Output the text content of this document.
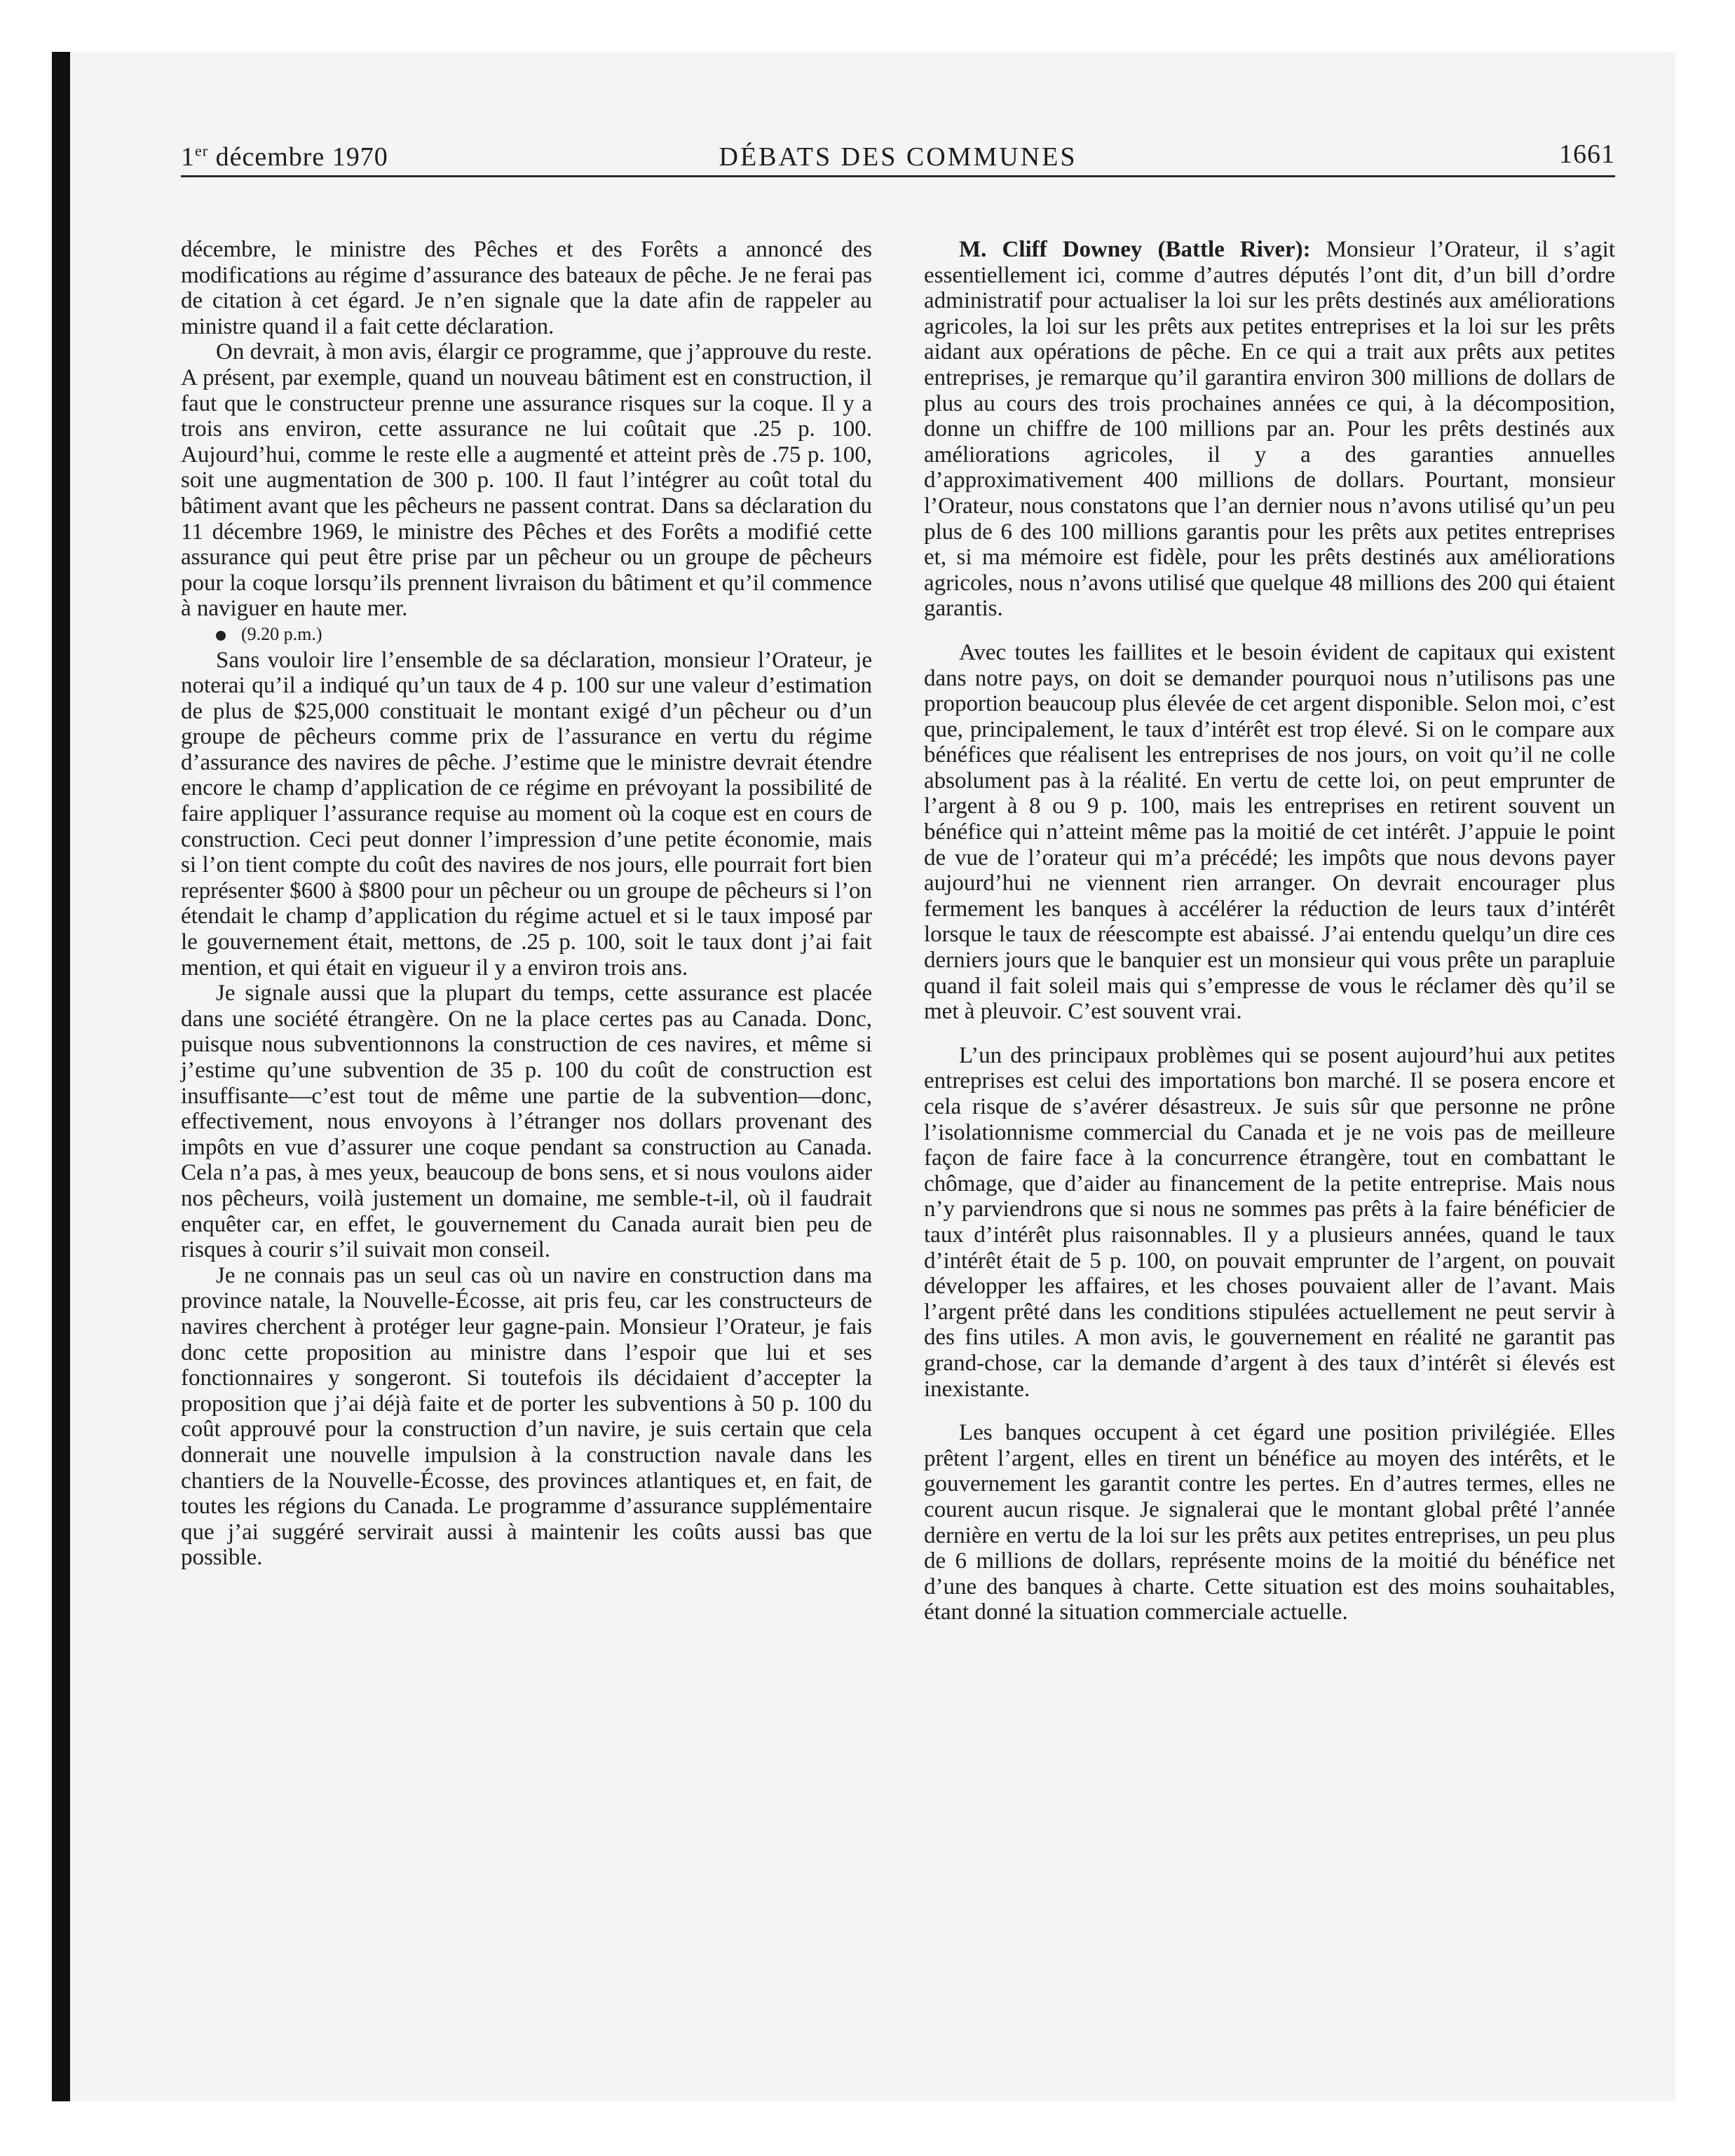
1er décembre 1970	DÉBATS DES COMMUNES	1661

décembre, le ministre des Pêches et des Forêts a annoncé des modifications au régime d’assurance des bateaux de pêche. Je ne ferai pas de citation à cet égard. Je n’en signale que la date afin de rappeler au ministre quand il a fait cette déclaration.

On devrait, à mon avis, élargir ce programme, que j’approuve du reste. A présent, par exemple, quand un nouveau bâtiment est en construction, il faut que le constructeur prenne une assurance risques sur la coque. Il y a trois ans environ, cette assurance ne lui coûtait que .25 p. 100. Aujourd’hui, comme le reste elle a augmenté et atteint près de .75 p. 100, soit une augmentation de 300 p. 100. Il faut l’intégrer au coût total du bâtiment avant que les pêcheurs ne passent contrat. Dans sa déclaration du 11 décembre 1969, le ministre des Pêches et des Forêts a modifié cette assurance qui peut être prise par un pêcheur ou un groupe de pêcheurs pour la coque lorsqu’ils prennent livraison du bâtiment et qu’il commence à naviguer en haute mer.

(9.20 p.m.)

Sans vouloir lire l’ensemble de sa déclaration, monsieur l’Orateur, je noterai qu’il a indiqué qu’un taux de 4 p. 100 sur une valeur d’estimation de plus de $25,000 constituait le montant exigé d’un pêcheur ou d’un groupe de pêcheurs comme prix de l’assurance en vertu du régime d’assurance des navires de pêche. J’estime que le ministre devrait étendre encore le champ d’application de ce régime en prévoyant la possibilité de faire appliquer l’assurance requise au moment où la coque est en cours de construction. Ceci peut donner l’impression d’une petite économie, mais si l’on tient compte du coût des navires de nos jours, elle pourrait fort bien représenter $600 à $800 pour un pêcheur ou un groupe de pêcheurs si l’on étendait le champ d’application du régime actuel et si le taux imposé par le gouvernement était, mettons, de .25 p. 100, soit le taux dont j’ai fait mention, et qui était en vigueur il y a environ trois ans.

Je signale aussi que la plupart du temps, cette assurance est placée dans une société étrangère. On ne la place certes pas au Canada. Donc, puisque nous subventionnons la construction de ces navires, et même si j’estime qu’une subvention de 35 p. 100 du coût de construction est insuffisante—c’est tout de même une partie de la subvention—donc, effectivement, nous envoyons à l’étranger nos dollars provenant des impôts en vue d’assurer une coque pendant sa construction au Canada. Cela n’a pas, à mes yeux, beaucoup de bons sens, et si nous voulons aider nos pêcheurs, voilà justement un domaine, me semble-t-il, où il faudrait enquêter car, en effet, le gouvernement du Canada aurait bien peu de risques à courir s’il suivait mon conseil.

Je ne connais pas un seul cas où un navire en construction dans ma province natale, la Nouvelle-Écosse, ait pris feu, car les constructeurs de navires cherchent à protéger leur gagne-pain. Monsieur l’Orateur, je fais donc cette proposition au ministre dans l’espoir que lui et ses fonctionnaires y songeront. Si toutefois ils décidaient d’accepter la proposition que j’ai déjà faite et de porter les subventions à 50 p. 100 du coût approuvé pour la construction d’un navire, je suis certain que cela donnerait une nouvelle impulsion à la construction navale dans les chantiers de la Nouvelle-Écosse, des provinces atlantiques et, en fait, de toutes les régions du Canada. Le programme d’assurance supplémentaire que j’ai suggéré servirait aussi à maintenir les coûts aussi bas que possible.

M. Cliff Downey (Battle River): Monsieur l’Orateur, il s’agit essentiellement ici, comme d’autres députés l’ont dit, d’un bill d’ordre administratif pour actualiser la loi sur les prêts destinés aux améliorations agricoles, la loi sur les prêts aux petites entreprises et la loi sur les prêts aidant aux opérations de pêche. En ce qui a trait aux prêts aux petites entreprises, je remarque qu’il garantira environ 300 millions de dollars de plus au cours des trois prochaines années ce qui, à la décomposition, donne un chiffre de 100 millions par an. Pour les prêts destinés aux améliorations agricoles, il y a des garanties annuelles d’approximativement 400 millions de dollars. Pourtant, monsieur l’Orateur, nous constatons que l’an dernier nous n’avons utilisé qu’un peu plus de 6 des 100 millions garantis pour les prêts aux petites entreprises et, si ma mémoire est fidèle, pour les prêts destinés aux améliorations agricoles, nous n’avons utilisé que quelque 48 millions des 200 qui étaient garantis.

Avec toutes les faillites et le besoin évident de capitaux qui existent dans notre pays, on doit se demander pourquoi nous n’utilisons pas une proportion beaucoup plus élevée de cet argent disponible. Selon moi, c’est que, principalement, le taux d’intérêt est trop élevé. Si on le compare aux bénéfices que réalisent les entreprises de nos jours, on voit qu’il ne colle absolument pas à la réalité. En vertu de cette loi, on peut emprunter de l’argent à 8 ou 9 p. 100, mais les entreprises en retirent souvent un bénéfice qui n’atteint même pas la moitié de cet intérêt. J’appuie le point de vue de l’orateur qui m’a précédé; les impôts que nous devons payer aujourd’hui ne viennent rien arranger. On devrait encourager plus fermement les banques à accélérer la réduction de leurs taux d’intérêt lorsque le taux de réescompte est abaissé. J’ai entendu quelqu’un dire ces derniers jours que le banquier est un monsieur qui vous prête un parapluie quand il fait soleil mais qui s’empresse de vous le réclamer dès qu’il se met à pleuvoir. C’est souvent vrai.

L’un des principaux problèmes qui se posent aujourd’hui aux petites entreprises est celui des importations bon marché. Il se posera encore et cela risque de s’avérer désastreux. Je suis sûr que personne ne prône l’isolationnisme commercial du Canada et je ne vois pas de meilleure façon de faire face à la concurrence étrangère, tout en combattant le chômage, que d’aider au financement de la petite entreprise. Mais nous n’y parviendrons que si nous ne sommes pas prêts à la faire bénéficier de taux d’intérêt plus raisonnables. Il y a plusieurs années, quand le taux d’intérêt était de 5 p. 100, on pouvait emprunter de l’argent, on pouvait développer les affaires, et les choses pouvaient aller de l’avant. Mais l’argent prêté dans les conditions stipulées actuellement ne peut servir à des fins utiles. A mon avis, le gouvernement en réalité ne garantit pas grand-chose, car la demande d’argent à des taux d’intérêt si élevés est inexistante.

Les banques occupent à cet égard une position privilégiée. Elles prêtent l’argent, elles en tirent un bénéfice au moyen des intérêts, et le gouvernement les garantit contre les pertes. En d’autres termes, elles ne courent aucun risque. Je signalerai que le montant global prêté l’année dernière en vertu de la loi sur les prêts aux petites entreprises, un peu plus de 6 millions de dollars, représente moins de la moitié du bénéfice net d’une des banques à charte. Cette situation est des moins souhaitables, étant donné la situation commerciale actuelle.
